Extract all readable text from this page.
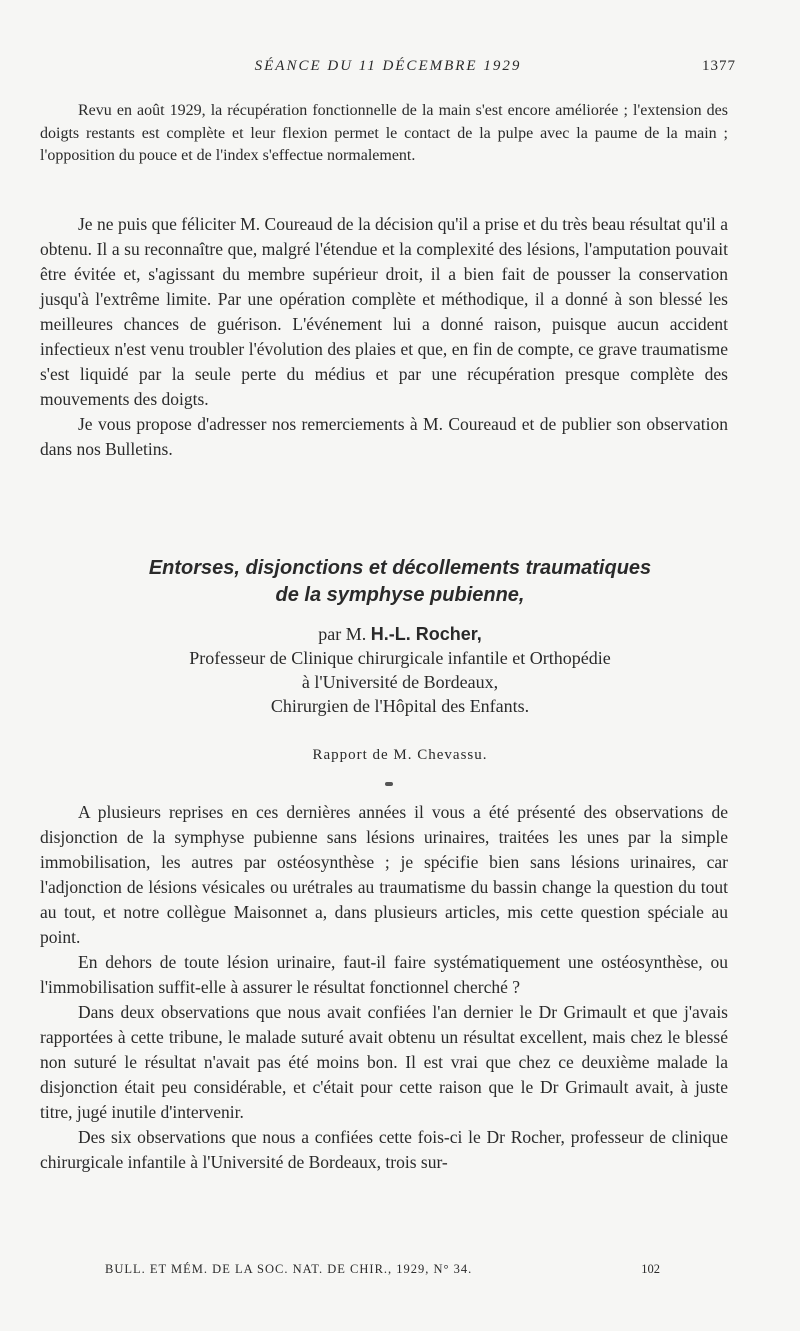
SÉANCE DU 11 DÉCEMBRE 1929	1377

Revu en août 1929, la récupération fonctionnelle de la main s'est encore améliorée ; l'extension des doigts restants est complète et leur flexion permet le contact de la pulpe avec la paume de la main ; l'opposition du pouce et de l'index s'effectue normalement.

Je ne puis que féliciter M. Coureaud de la décision qu'il a prise et du très beau résultat qu'il a obtenu. Il a su reconnaître que, malgré l'étendue et la complexité des lésions, l'amputation pouvait être évitée et, s'agissant du membre supérieur droit, il a bien fait de pousser la conservation jusqu'à l'extrême limite. Par une opération complète et méthodique, il a donné à son blessé les meilleures chances de guérison. L'événement lui a donné raison, puisque aucun accident infectieux n'est venu troubler l'évolution des plaies et que, en fin de compte, ce grave traumatisme s'est liquidé par la seule perte du médius et par une récupération presque complète des mouvements des doigts.

Je vous propose d'adresser nos remerciements à M. Coureaud et de publier son observation dans nos Bulletins.

Entorses, disjonctions et décollements traumatiques
de la symphyse pubienne,
par M. H.-L. Rocher,
Professeur de Clinique chirurgicale infantile et Orthopédie
à l'Université de Bordeaux,
Chirurgien de l'Hôpital des Enfants.
Rapport de M. Chevassu.

A plusieurs reprises en ces dernières années il vous a été présenté des observations de disjonction de la symphyse pubienne sans lésions urinaires, traitées les unes par la simple immobilisation, les autres par ostéosynthèse ; je spécifie bien sans lésions urinaires, car l'adjonction de lésions vésicales ou urétrales au traumatisme du bassin change la question du tout au tout, et notre collègue Maisonnet a, dans plusieurs articles, mis cette question spéciale au point.

En dehors de toute lésion urinaire, faut-il faire systématiquement une ostéosynthèse, ou l'immobilisation suffit-elle à assurer le résultat fonctionnel cherché ?

Dans deux observations que nous avait confiées l'an dernier le Dr Grimault et que j'avais rapportées à cette tribune, le malade suturé avait obtenu un résultat excellent, mais chez le blessé non suturé le résultat n'avait pas été moins bon. Il est vrai que chez ce deuxième malade la disjonction était peu considérable, et c'était pour cette raison que le Dr Grimault avait, à juste titre, jugé inutile d'intervenir.

Des six observations que nous a confiées cette fois-ci le Dr Rocher, professeur de clinique chirurgicale infantile à l'Université de Bordeaux, trois sur-

BULL. ET MÉM. DE LA SOC. NAT. DE CHIR., 1929, N° 34.	102
